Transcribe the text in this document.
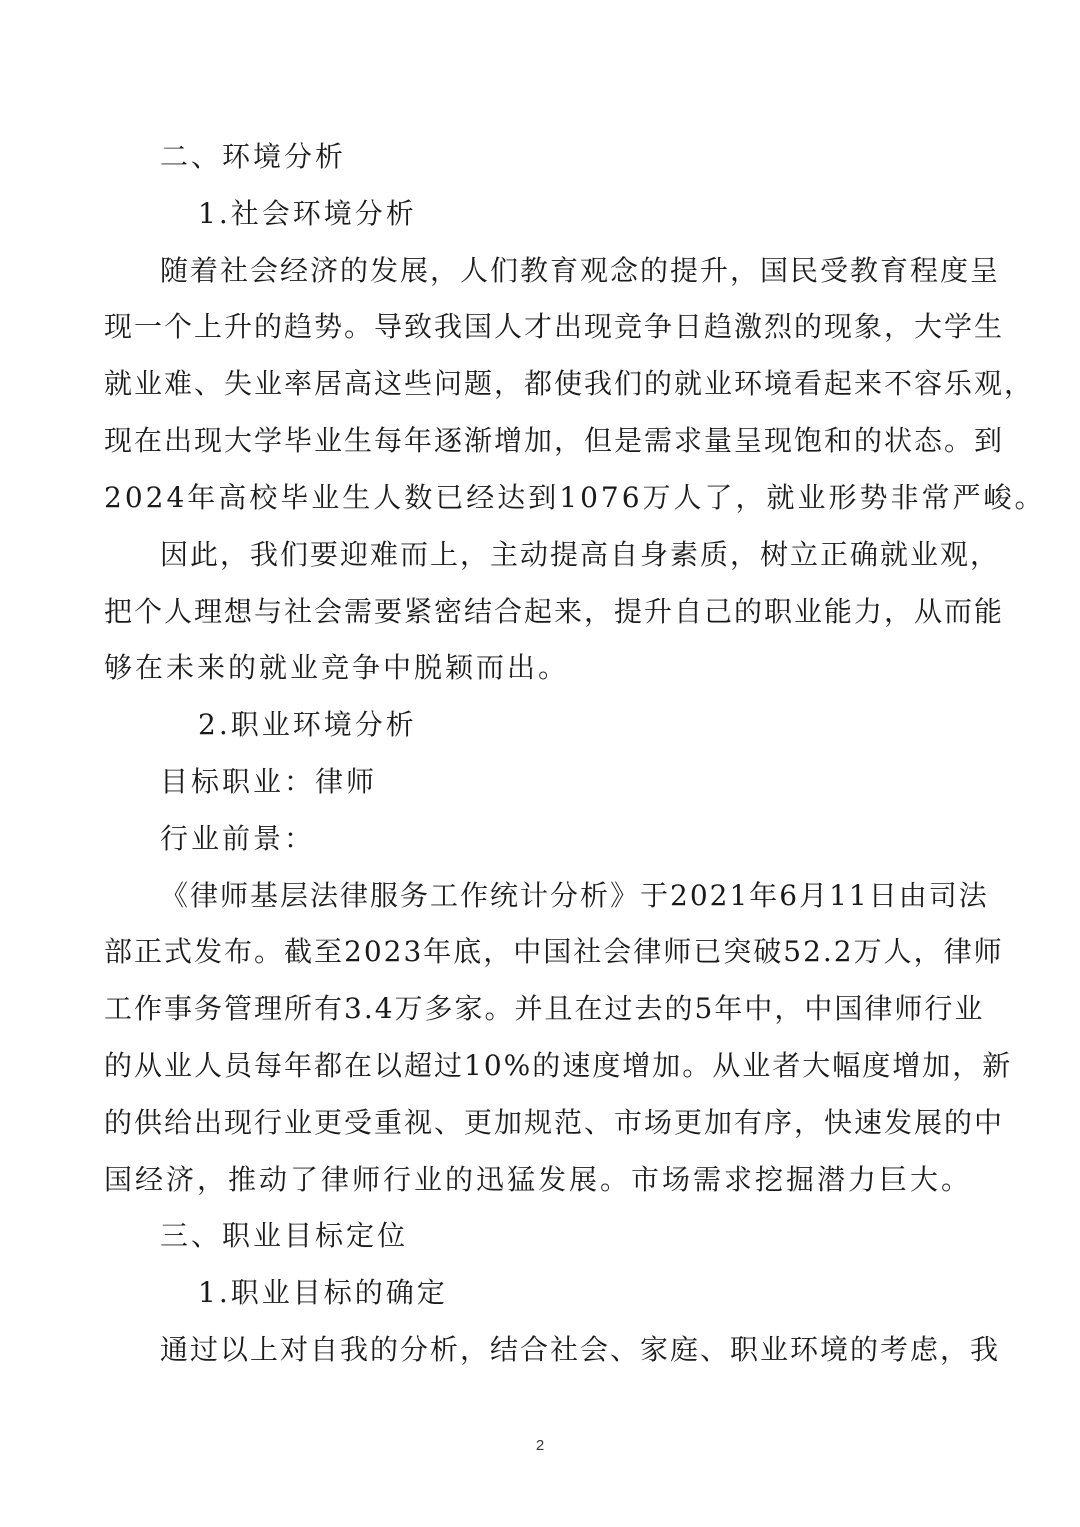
二、环境分析
1.社会环境分析
随着社会经济的发展，人们教育观念的提升，国民受教育程度呈
现一个上升的趋势。导致我国人才出现竞争日趋激烈的现象，大学生
就业难、失业率居高这些问题，都使我们的就业环境看起来不容乐观，
现在出现大学毕业生每年逐渐增加，但是需求量呈现饱和的状态。到
2024年高校毕业生人数已经达到1076万人了，就业形势非常严峻。
因此，我们要迎难而上，主动提高自身素质，树立正确就业观，
把个人理想与社会需要紧密结合起来，提升自己的职业能力，从而能
够在未来的就业竞争中脱颖而出。
2.职业环境分析
目标职业：律师
行业前景：
《律师基层法律服务工作统计分析》于2021年6月11日由司法
部正式发布。截至2023年底，中国社会律师已突破52.2万人，律师
工作事务管理所有3.4万多家。并且在过去的5年中，中国律师行业
的从业人员每年都在以超过10%的速度增加。从业者大幅度增加，新
的供给出现行业更受重视、更加规范、市场更加有序，快速发展的中
国经济，推动了律师行业的迅猛发展。市场需求挖掘潜力巨大。
三、职业目标定位
1.职业目标的确定
通过以上对自我的分析，结合社会、家庭、职业环境的考虑，我
2
